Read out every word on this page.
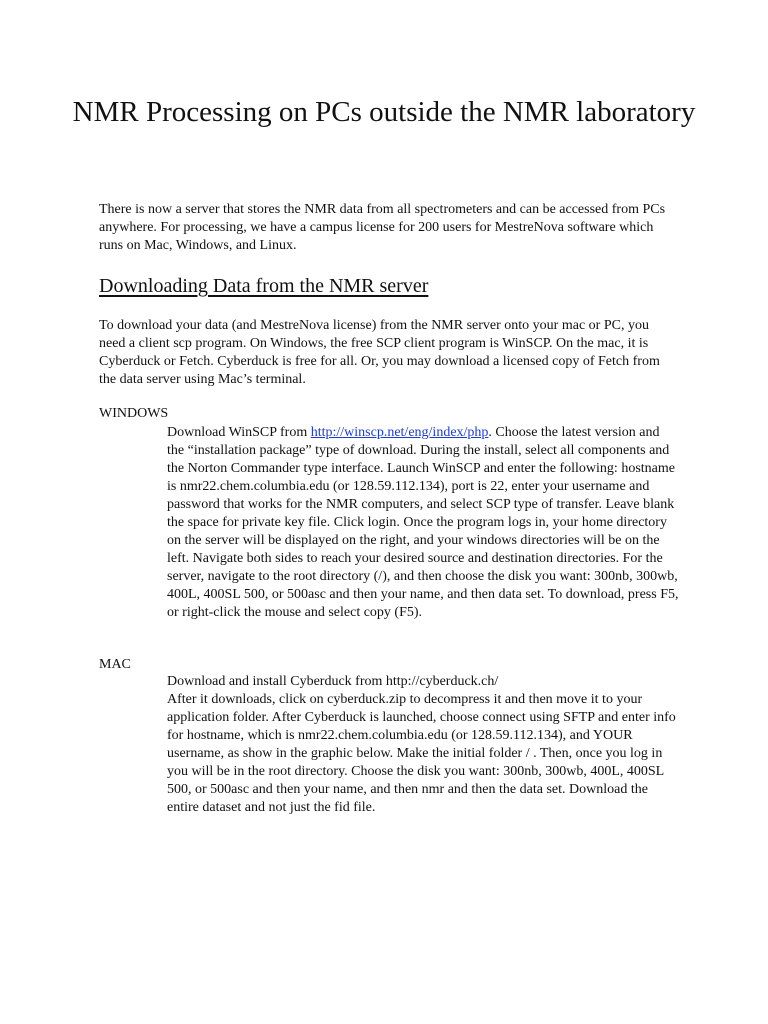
NMR Processing on PCs outside the NMR laboratory

There is now a server that stores the NMR data from all spectrometers and can be accessed from PCs anywhere. For processing, we have a campus license for 200 users for MestreNova software which runs on Mac, Windows, and Linux.

Downloading Data from the NMR server

To download your data (and MestreNova license) from the NMR server onto your mac or PC, you need a client scp program. On Windows, the free SCP client program is WinSCP. On the mac, it is Cyberduck or Fetch. Cyberduck is free for all. Or, you may download a licensed copy of Fetch from the data server using Mac’s terminal.

WINDOWS

Download WinSCP from http://winscp.net/eng/index/php. Choose the latest version and the “installation package” type of download. During the install, select all components and the Norton Commander type interface. Launch WinSCP and enter the following: hostname is nmr22.chem.columbia.edu (or 128.59.112.134), port is 22, enter your username and password that works for the NMR computers, and select SCP type of transfer. Leave blank the space for private key file. Click login. Once the program logs in, your home directory on the server will be displayed on the right, and your windows directories will be on the left. Navigate both sides to reach your desired source and destination directories. For the server, navigate to the root directory (/), and then choose the disk you want: 300nb, 300wb, 400L, 400SL 500, or 500asc and then your name, and then data set. To download, press F5, or right-click the mouse and select copy (F5).

MAC

Download and install Cyberduck from http://cyberduck.ch/

After it downloads, click on cyberduck.zip to decompress it and then move it to your application folder. After Cyberduck is launched, choose connect using SFTP and enter info for hostname, which is nmr22.chem.columbia.edu (or 128.59.112.134), and YOUR username, as show in the graphic below. Make the initial folder / . Then, once you log in you will be in the root directory. Choose the disk you want: 300nb, 300wb, 400L, 400SL 500, or 500asc and then your name, and then nmr and then the data set. Download the entire dataset and not just the fid file.
